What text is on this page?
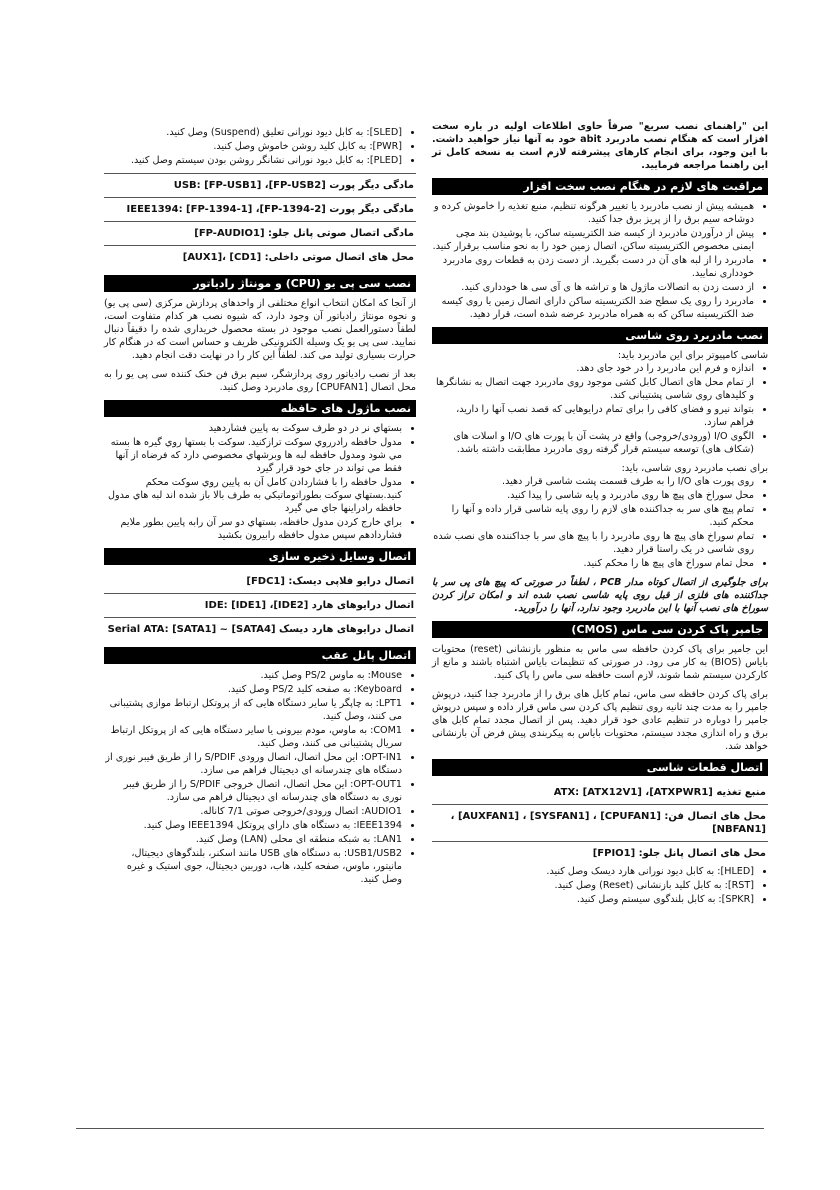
این "راهنمای نصب سریع" صرفاً حاوی اطلاعات اولیه در باره سخت افزار است که هنگام نصب مادربرد abit خود به آنها نیاز خواهید داشت. با این وجود، برای انجام کارهای پیشرفته لازم است به نسخه کامل تر این راهنما مراجعه فرمایید.

مراقبت های لازم در هنگام نصب سخت افزار
• همیشه پیش از نصب مادربرد یا تغییر هرگونه تنظیم، منبع تغذیه را خاموش کرده و دوشاخه سیم برق را از پریز برق جدا کنید.
• پیش از درآوردن مادربرد از کیسه ضد الکتریسیته ساکن، با پوشیدن بند مچی ایمنی مخصوص الکتریسیته ساکن، اتصال زمین خود را به نحو مناسب برقرار کنید.
• مادربرد را از لبه های آن در دست بگیرید. از دست زدن به قطعات روی مادربرد خودداری نمایید.
• از دست زدن به اتصالات ماژول ها و تراشه ها ی آی سی ها خودداری کنید.
• مادربرد را روی یک سطح ضد الکتریسیته ساکن دارای اتصال زمین یا روی کیسه ضد الکتریسیته ساکن که به همراه مادربرد عرضه شده است، قرار دهید.
نصب مادربرد روی شاسی
شاسی کامپیوتر برای این مادربرد باید:
• اندازه و فرم این مادربرد را در خود جای دهد.
• از تمام محل های اتصال کابل کشی موجود روی مادربرد جهت اتصال به نشانگرها و کلیدهای روی شاسی پشتیبانی کند.
• بتواند نیرو و فضای کافی را برای تمام درایوهایی که قصد نصب آنها را دارید، فراهم سازد.
• الگوی I/O (ورودی/خروجی) واقع در پشت آن با پورت های I/O و اسلات های (شکاف های) توسعه سیستم قرار گرفته روی مادربرد مطابقت داشته باشد.
برای نصب مادربرد روی شاسی، باید:
• روی پورت های I/O را به طرف قسمت پشت شاسی قرار دهید.
• محل سوراخ های پیچ ها روی مادربرد و پایه شاسی را پیدا کنید.
• تمام پیچ های سر به جداکننده های لازم را روی پایه شاسی قرار داده و آنها را محکم کنید.
• تمام سوراخ های پیچ ها روی مادربرد را با پیچ های سر با جداکننده های نصب شده روی شاسی در یک راستا قرار دهید.
• محل تمام سوراخ های پیچ ها را محکم کنید.

برای جلوگیری از اتصال کوتاه مدار PCB ، لطفاً در صورتی که پیچ های پی سر با جداکننده های فلزی از قبل روی پایه شاسی نصب شده اند و امکان تراز کردن سوراخ های نصب آنها با این مادربرد وجود ندارد، آنها را درآورید.

جامپر پاک کردن سی ماس (CMOS)

این جامپر برای پاک کردن حافظه سی ماس به منظور بازنشانی (reset) محتویات بایاس (BIOS) به کار می رود. در صورتی که تنظیمات بایاس اشتباه باشند و مانع از کارکردن سیستم شما شوند، لازم است حافظه سی ماس را پاک کنید.

برای پاک کردن حافظه سی ماس، تمام کابل های برق را از مادربرد جدا کنید، درپوش جامپر را به مدت چند ثانیه روی تنظیم پاک کردن سی ماس قرار داده و سپس درپوش جامپر را دوباره در تنظیم عادی خود قرار دهید. پس از اتصال مجدد تمام کابل های برق و راه اندازی مجدد سیستم، محتویات بایاس به پیکربندی پیش فرض آن بازنشانی خواهد شد.

اتصال قطعات شاسی
منبع تغذیه ATX: [ATX12V1] ،[ATXPWR1]
محل های اتصال فن: [CPUFAN1] ، [SYSFAN1] ، [AUXFAN1] ، [NBFAN1]
محل های اتصال پانل جلو: [FPIO1]
• [HLED]: به کابل دیود نورانی هارد دیسک وصل کنید.
• [RST]: به کابل کلید بازنشانی (Reset) وصل کنید.
• [SPKR]: به کابل بلندگوی سیستم وصل کنید.
• [SLED]: به کابل دیود نورانی تعلیق (Suspend) وصل کنید.
• [PWR]: به کابل کلید روشن خاموش وصل کنید.
• [PLED]: به کابل دیود نورانی نشانگر روشن بودن سیستم وصل کنید.
مادگی دیگر پورت USB: [FP-USB1] ،[FP-USB2]
مادگی دیگر پورت IEEE1394: [FP-1394-1] ،[FP-1394-2]
مادگی اتصال صوتی پانل جلو: [FP-AUDIO1]
محل های اتصال صوتی داخلی: [CD1] ،[AUX1]
نصب سی پی یو (CPU) و مونتاژ رادیاتور

از آنجا که امکان انتخاب انواع مختلفی از واحدهای پردازش مرکزی (سی پی یو) و نحوه مونتاژ رادیاتور آن وجود دارد، که شیوه نصب هر کدام متفاوت است، لطفاً دستورالعمل نصب موجود در بسته محصول خریداری شده را دقیقاً دنبال نمایید. سی پی یو یک وسیله الکترونیکی ظریف و حساس است که در هنگام کار حرارت بسیاری تولید می کند. لطفاً این کار را در نهایت دقت انجام دهید.

بعد از نصب رادیاتور روی پردازشگر، سیم برق فن خنک کننده سی پی یو را به محل اتصال [CPUFAN1] روی مادربرد وصل کنید.

نصب ماژول های حافظه
• بستهاي نر در دو طرف سوکت به پايين فشاردهيد
• مدول حافظه رادرروي سوکت ترازکنيد. سوکت با بستها روي گيره ها بسته مي شود ومدول حافظه لبه ها وبرشهاي مخصوصي دارد که فرضاه از آنها فقط مي تواند در جاي خود قرار گيرد
• مدول حافظه را با فشاردادن کامل آن به پايين روي سوکت محکم کنيد.بستهاي سوکت بطوراتوماتيکي به طرف بالا باز شده اند لبه هاي مدول حافظه رادراينها جاي مي گيرد
• براي خارج کردن مدول حافظه، بستهاي دو سر آن رابه پايين بطور ملايم فشاردادهم سپس مدول حافظه رابيرون بکشيد
اتصال وسایل ذخیره سازی
اتصال درایو فلاپی دیسک: [FDC1]
اتصال درایوهای هارد IDE: [IDE1] ،[IDE2]
اتصال درایوهای هارد دیسک Serial ATA: [SATA1] ~ [SATA4]
اتصال پانل عقب
• Mouse: به ماوس PS/2 وصل کنید.
• Keyboard: به صفحه کلید PS/2 وصل کنید.
• LPT1: به چاپگر یا سایر دستگاه هایی که از پروتکل ارتباط موازی پشتیبانی می کنند، وصل کنید.
• COM1: به ماوس، مودم بیرونی یا سایر دستگاه هایی که از پروتکل ارتباط سریال پشتیبانی می کنند، وصل کنید.
• OPT-IN1: این محل اتصال، اتصال ورودی S/PDIF را از طریق فیبر نوری از دستگاه های چندرسانه ای دیجیتال فراهم می سازد.
• OPT-OUT1: این محل اتصال، اتصال خروجی S/PDIF را از طریق فیبر نوری به دستگاه های چندرسانه ای دیجیتال فراهم می سازد.
• AUDIO1: اتصال ورودی/خروجی صوتی 7/1 کاناله.
• IEEE1394: به دستگاه های دارای پروتکل IEEE1394 وصل کنید.
• LAN1: به شبکه منطقه ای محلی (LAN) وصل کنید.
• USB1/USB2: به دستگاه های USB مانند اسکنر، بلندگوهای دیجیتال، مانیتور، ماوس، صفحه کلید، هاب، دوربین دیجیتال، جوی استیک و غیره وصل کنید.
